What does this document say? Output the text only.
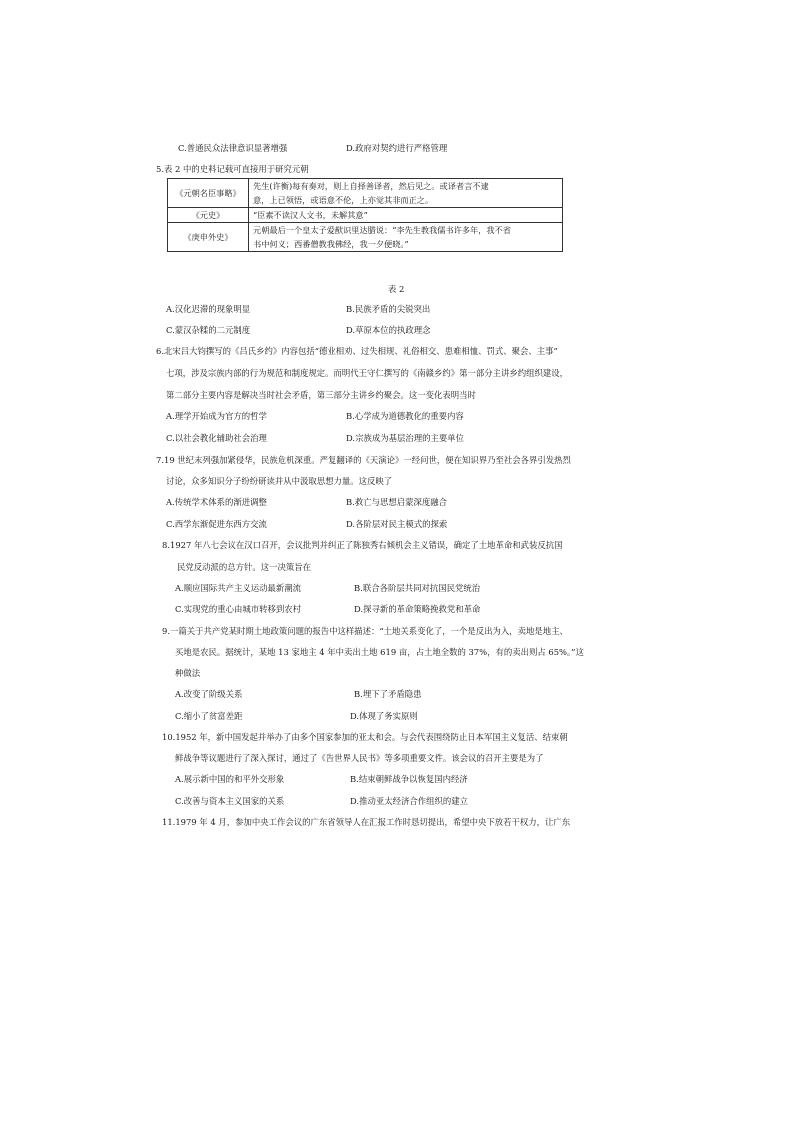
C.普通民众法律意识显著增强	D.政府对契约进行严格管理
5.表 2 中的史料记载可直接用于研究元朝
《元朝名臣事略》	先生(许衡)每有奏对，则上自择善译者，然后见之。或译者言不逮
意，上已领悟，或语意不伦，上亦觉其非而正之。

《元史》	“臣素不读汉人文书，未解其意”

《庚申外史》	元朝最后一个皇太子爱猷识里达腊说：“李先生教我儒书许多年，我不省
书中何义；西番僧教我佛经，我一夕便晓。”
表 2
A.汉化迟滞的现象明显	B.民族矛盾的尖锐突出
C.蒙汉杂糅的二元制度	D.草原本位的执政理念
6.北宋吕大钧撰写的《吕氏乡约》内容包括“德业相劝、过失相规、礼俗相交、患难相恤、罚式、聚会、主事”
七项，涉及宗族内部的行为规范和制度规定。而明代王守仁撰写的《南赣乡约》第一部分主讲乡约组织建设，
第二部分主要内容是解决当时社会矛盾，第三部分主讲乡约聚会。这一变化表明当时
A.理学开始成为官方的哲学	B.心学成为道德教化的重要内容
C.以社会教化辅助社会治理	D.宗族成为基层治理的主要单位
7.19 世纪末列强加紧侵华，民族危机深重。严复翻译的《天演论》一经问世，便在知识界乃至社会各界引发热烈
讨论，众多知识分子纷纷研读并从中汲取思想力量。这反映了
A.传统学术体系的渐进调整	B.救亡与思想启蒙深度融合
C.西学东渐促进东西方交流	D.各阶层对民主模式的探索
8.1927 年八七会议在汉口召开，会议批判并纠正了陈独秀右倾机会主义错误，确定了土地革命和武装反抗国
民党反动派的总方针。这一决策旨在
A.顺应国际共产主义运动最新潮流	B.联合各阶层共同对抗国民党统治
C.实现党的重心由城市转移到农村	D.探寻新的革命策略挽救党和革命
9.一篇关于共产党某时期土地政策问题的报告中这样描述：“土地关系变化了，一个是反出为入，卖地是地主、
买地是农民。据统计，某地 13 家地主 4 年中卖出土地 619 亩，占土地全数的 37%，有的卖出则占 65%。”这
种做法
A.改变了阶级关系	B.埋下了矛盾隐患
C.缩小了贫富差距	D.体现了务实原则
10.1952 年，新中国发起并举办了由多个国家参加的亚太和会。与会代表围绕防止日本军国主义复活、结束朝
鲜战争等议题进行了深入探讨，通过了《告世界人民书》等多项重要文件。该会议的召开主要是为了
A.展示新中国的和平外交形象	B.结束朝鲜战争以恢复国内经济
C.改善与资本主义国家的关系	D.推动亚太经济合作组织的建立
11.1979 年 4 月，参加中央工作会议的广东省领导人在汇报工作时恳切提出，希望中央下放若干权力，让广东
